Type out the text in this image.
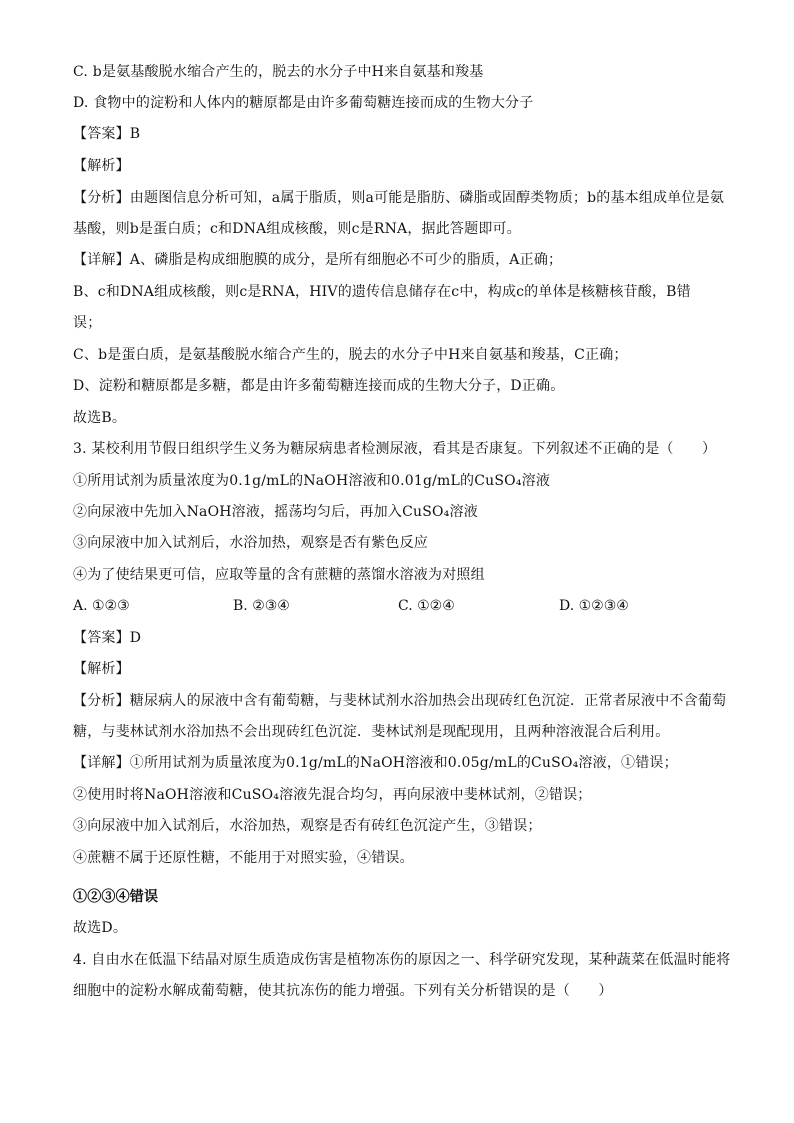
C. b是氨基酸脱水缩合产生的，脱去的水分子中H来自氨基和羧基
D. 食物中的淀粉和人体内的糖原都是由许多葡萄糖连接而成的生物大分子
【答案】B
【解析】
【分析】由题图信息分析可知，a属于脂质，则a可能是脂肪、磷脂或固醇类物质；b的基本组成单位是氨
基酸，则b是蛋白质；c和DNA组成核酸，则c是RNA，据此答题即可。
【详解】A、磷脂是构成细胞膜的成分，是所有细胞必不可少的脂质，A正确；
B、c和DNA组成核酸，则c是RNA，HIV的遗传信息储存在c中，构成c的单体是核糖核苷酸，B错
误；
C、b是蛋白质，是氨基酸脱水缩合产生的，脱去的水分子中H来自氨基和羧基，C正确；
D、淀粉和糖原都是多糖，都是由许多葡萄糖连接而成的生物大分子，D正确。
故选B。
3. 某校利用节假日组织学生义务为糖尿病患者检测尿液，看其是否康复。下列叙述不正确的是（　　）
①所用试剂为质量浓度为0.1g/mL的NaOH溶液和0.01g/mL的CuSO₄溶液
②向尿液中先加入NaOH溶液，摇荡均匀后，再加入CuSO₄溶液
③向尿液中加入试剂后，水浴加热，观察是否有紫色反应
④为了使结果更可信，应取等量的含有蔗糖的蒸馏水溶液为对照组
A. ①②③	B. ②③④	C. ①②④	D. ①②③④
【答案】D
【解析】
【分析】糖尿病人的尿液中含有葡萄糖，与斐林试剂水浴加热会出现砖红色沉淀．正常者尿液中不含葡萄
糖，与斐林试剂水浴加热不会出现砖红色沉淀．斐林试剂是现配现用，且两种溶液混合后利用。
【详解】①所用试剂为质量浓度为0.1g/mL的NaOH溶液和0.05g/mL的CuSO₄溶液，①错误；
②使用时将NaOH溶液和CuSO₄溶液先混合均匀，再向尿液中斐林试剂，②错误；
③向尿液中加入试剂后，水浴加热，观察是否有砖红色沉淀产生，③错误；
④蔗糖不属于还原性糖，不能用于对照实验，④错误。
①②③④错误
故选D。
4. 自由水在低温下结晶对原生质造成伤害是植物冻伤的原因之一、科学研究发现，某种蔬菜在低温时能将
细胞中的淀粉水解成葡萄糖，使其抗冻伤的能力增强。下列有关分析错误的是（　　）
